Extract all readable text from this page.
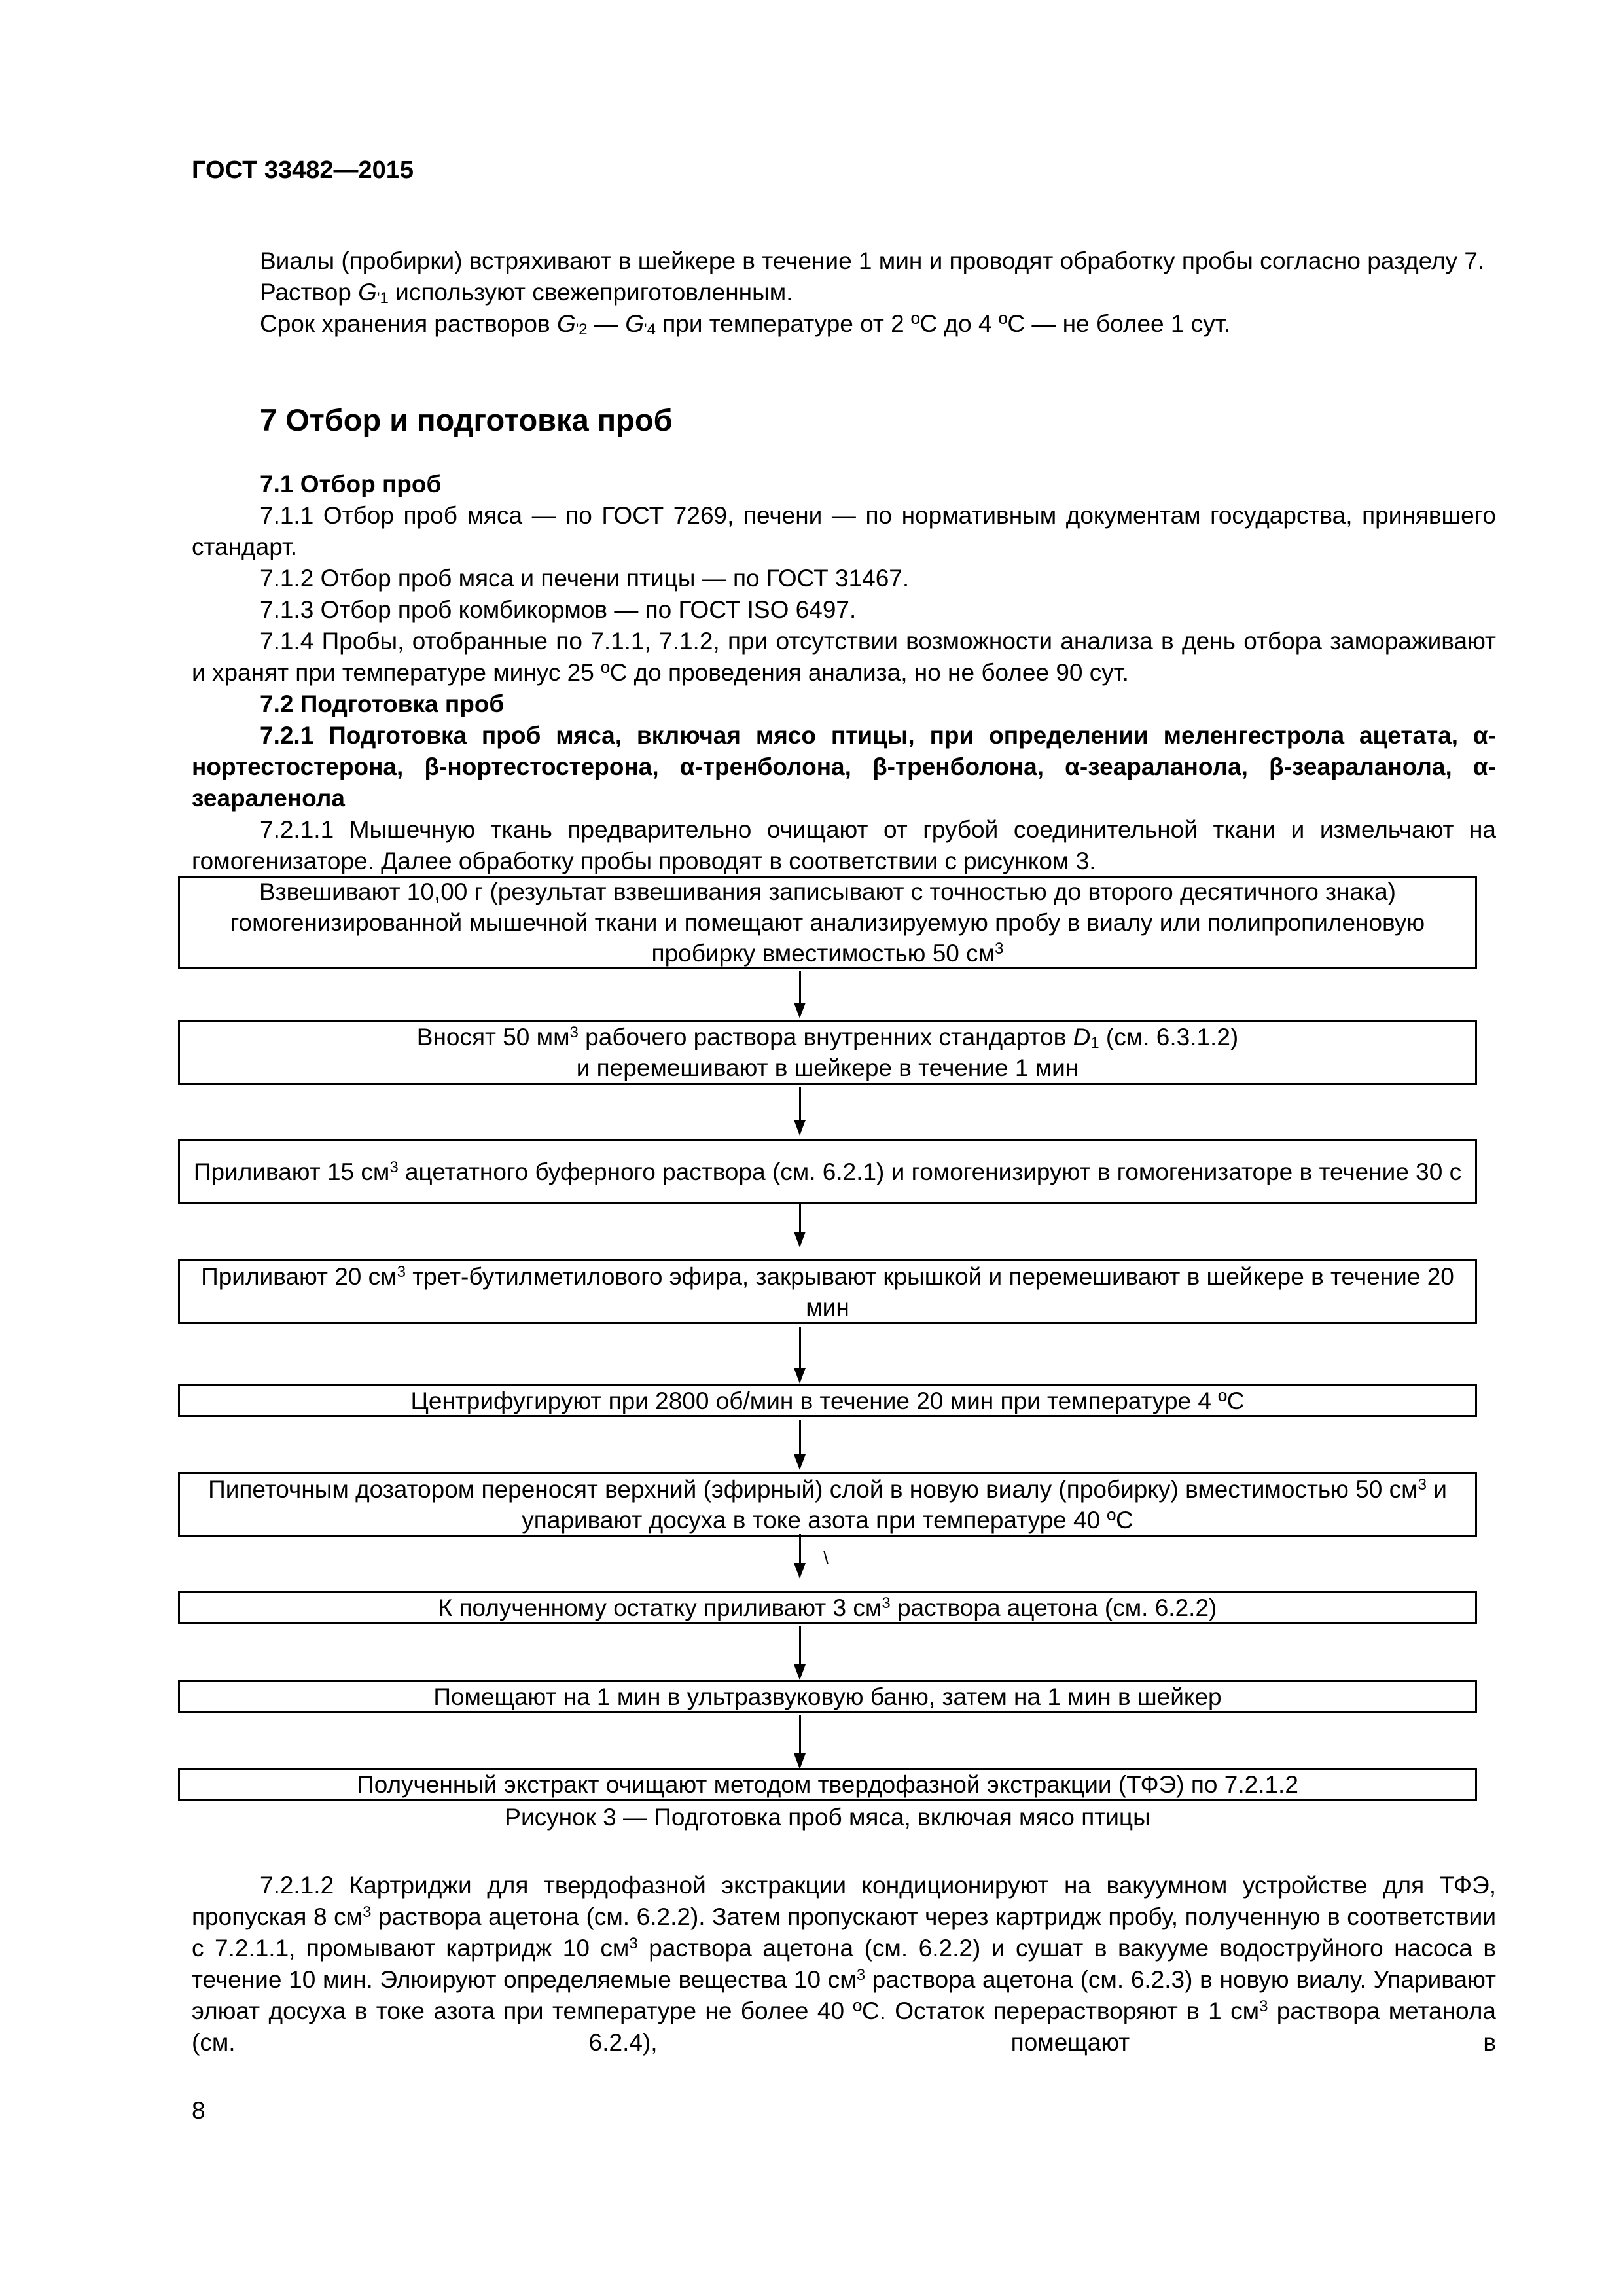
ГОСТ 33482—2015

Виалы (пробирки) встряхивают в шейкере в течение 1 мин и проводят обработку пробы согласно разделу 7.

Раствор $G_{'1}$ используют свежеприготовленным.

Срок хранения растворов $G_{'2}$ — $G_{'4}$ при температуре от 2 ºС до 4 ºС — не более 1 сут.

7 Отбор и подготовка проб

7.1 Отбор проб

7.1.1 Отбор проб мяса — по ГОСТ 7269, печени — по нормативным документам государства, принявшего стандарт.

7.1.2 Отбор проб мяса и печени птицы — по ГОСТ 31467.

7.1.3 Отбор проб комбикормов — по ГОСТ ISO 6497.

7.1.4 Пробы, отобранные по 7.1.1, 7.1.2, при отсутствии возможности анализа в день отбора замораживают и хранят при температуре минус 25 ºС до проведения анализа, но не более 90 сут.

7.2 Подготовка проб

7.2.1 Подготовка проб мяса, включая мясо птицы, при определении меленгестрола ацетата, α-нортестостерона, β-нортестостерона, α-тренболона, β-тренболона, α-зеараланола, β-зеараланола, α-зеараленола

7.2.1.1 Мышечную ткань предварительно очищают от грубой соединительной ткани и измельчают на гомогенизаторе. Далее обработку пробы проводят в соответствии с рисунком 3.

Взвешивают 10,00 г (результат взвешивания записывают с точностью до второго десятичного знака) гомогенизированной мышечной ткани и помещают анализируемую пробу в виалу или полипропиленовую пробирку вместимостью 50 $см^3$
Вносят 50 $мм^3$ рабочего раствора внутренних стандартов $D_1$ (см. 6.3.1.2)
и перемешивают в шейкере в течение 1 мин
Приливают 15 $см^3$ ацетатного буферного раствора (см. 6.2.1) и гомогенизируют в гомогенизаторе в течение 30 с
Приливают 20 $см^3$ трет-бутилметилового эфира, закрывают крышкой и перемешивают в шейкере в течение 20 мин
Центрифугируют при 2800 об/мин в течение 20 мин при температуре 4 ºС
Пипеточным дозатором переносят верхний (эфирный) слой в новую виалу (пробирку) вместимостью 50 $см^3$ и упаривают досуха в токе азота при температуре 40 ºС
\
К полученному остатку приливают 3 $см^3$ раствора ацетона (см. 6.2.2)
Помещают на 1 мин в ультразвуковую баню, затем на 1 мин в шейкер
Полученный экстракт очищают методом твердофазной экстракции (ТФЭ) по 7.2.1.2
Рисунок 3 — Подготовка проб мяса, включая мясо птицы

7.2.1.2 Картриджи для твердофазной экстракции кондиционируют на вакуумном устройстве для ТФЭ, пропуская 8 $см^3$ раствора ацетона (см. 6.2.2). Затем пропускают через картридж пробу, полученную в соответствии с 7.2.1.1, промывают картридж 10 $см^3$ раствора ацетона (см. 6.2.2) и сушат в вакууме водоструйного насоса в течение 10 мин. Элюируют определяемые вещества 10 $см^3$ раствора ацетона (см. 6.2.3) в новую виалу. Упаривают элюат досуха в токе азота при температуре не более 40 ºС. Остаток перерастворяют в 1 $см^3$ раствора метанола (см. 6.2.4), помещают в

8
